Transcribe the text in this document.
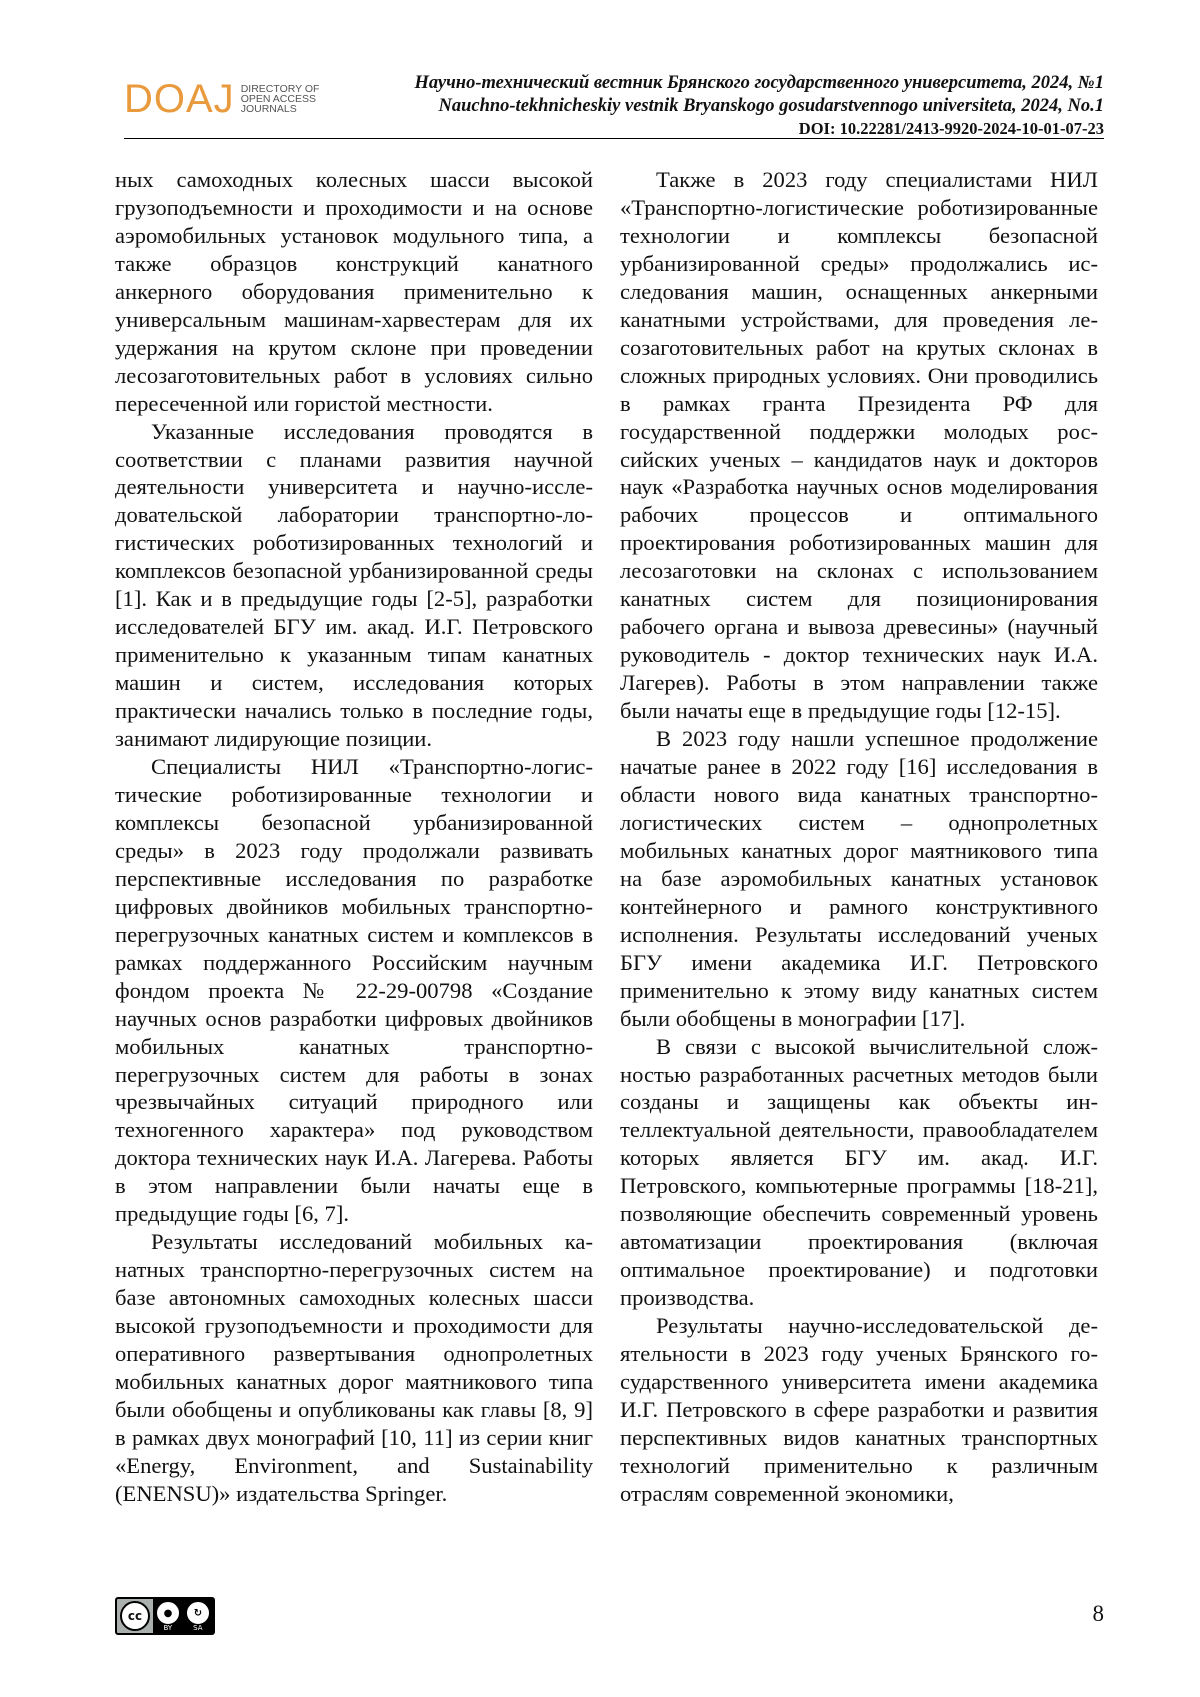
DOAJ DIRECTORY OF
OPEN ACCESS
JOURNALS
Научно-технический вестник Брянского государственного университета, 2024, №1
Nauchno-tekhnicheskiy vestnik Bryanskogo gosudarstvennogo universiteta, 2024, No.1
DOI: 10.22281/2413-9920-2024-10-01-07-23

ных самоходных колесных шасси высокой грузоподъемности и проходимости и на основе аэромобильных установок модульного типа, а также образцов конструкций канатного анкерного оборудования применительно к универсальным машинам-харвестерам для их удержания на крутом склоне при проведении лесозаготовительных работ в условиях сильно пересеченной или гористой местности.

Указанные исследования проводятся в соответствии с планами развития научной деятельности университета и научно-исследовательской лаборатории транспортно-логистических роботизированных технологий и комплексов безопасной урбанизированной среды [1]. Как и в предыдущие годы [2-5], разработки исследователей БГУ им. акад. И.Г. Петровского применительно к указанным типам канатных машин и систем, исследования которых практически начались только в последние годы, занимают лидирующие позиции.

Специалисты НИЛ «Транспортно-логистические роботизированные технологии и комплексы безопасной урбанизированной среды» в 2023 году продолжали развивать перспективные исследования по разработке цифровых двойников мобильных транспортно-перегрузочных канатных систем и комплексов в рамках поддержанного Российским научным фондом проекта № 22-29-00798 «Создание научных основ разработки цифровых двойников мобильных канатных транспортно-перегрузочных систем для работы в зонах чрезвычайных ситуаций природного или техногенного характера» под руководством доктора технических наук И.А. Лагерева. Работы в этом направлении были начаты еще в предыдущие годы [6, 7].

Результаты исследований мобильных канатных транспортно-перегрузочных систем на базе автономных самоходных колесных шасси высокой грузоподъемности и проходимости для оперативного развертывания однопролетных мобильных канатных дорог маятникового типа были обобщены и опубликованы как главы [8, 9] в рамках двух монографий [10, 11] из серии книг «Energy, Environment, and Sustainability (ENENSU)» издательства Springer.

Также в 2023 году специалистами НИЛ «Транспортно-логистические роботизированные технологии и комплексы безопасной урбанизированной среды» продолжались исследования машин, оснащенных анкерными канатными устройствами, для проведения лесозаготовительных работ на крутых склонах в сложных природных условиях. Они проводились в рамках гранта Президента РФ для государственной поддержки молодых российских ученых – кандидатов наук и докторов наук «Разработка научных основ моделирования рабочих процессов и оптимального проектирования роботизированных машин для лесозаготовки на склонах с использованием канатных систем для позиционирования рабочего органа и вывоза древесины» (научный руководитель - доктор технических наук И.А. Лагерев). Работы в этом направлении также были начаты еще в предыдущие годы [12-15].

В 2023 году нашли успешное продолжение начатые ранее в 2022 году [16] исследования в области нового вида канатных транспортно-логистических систем – однопролетных мобильных канатных дорог маятникового типа на базе аэромобильных канатных установок контейнерного и рамного конструктивного исполнения. Результаты исследований ученых БГУ имени академика И.Г. Петровского применительно к этому виду канатных систем были обобщены в монографии [17].

В связи с высокой вычислительной сложностью разработанных расчетных методов были созданы и защищены как объекты интеллектуальной деятельности, правообладателем которых является БГУ им. акад. И.Г. Петровского, компьютерные программы [18-21], позволяющие обеспечить современный уровень автоматизации проектирования (включая оптимальное проектирование) и подготовки производства.

Результаты научно-исследовательской деятельности в 2023 году ученых Брянского государственного университета имени академика И.Г. Петровского в сфере разработки и развития перспективных видов канатных транспортных технологий применительно к различным отраслям современной экономики,

cc	●	↻
BY	SA
8
